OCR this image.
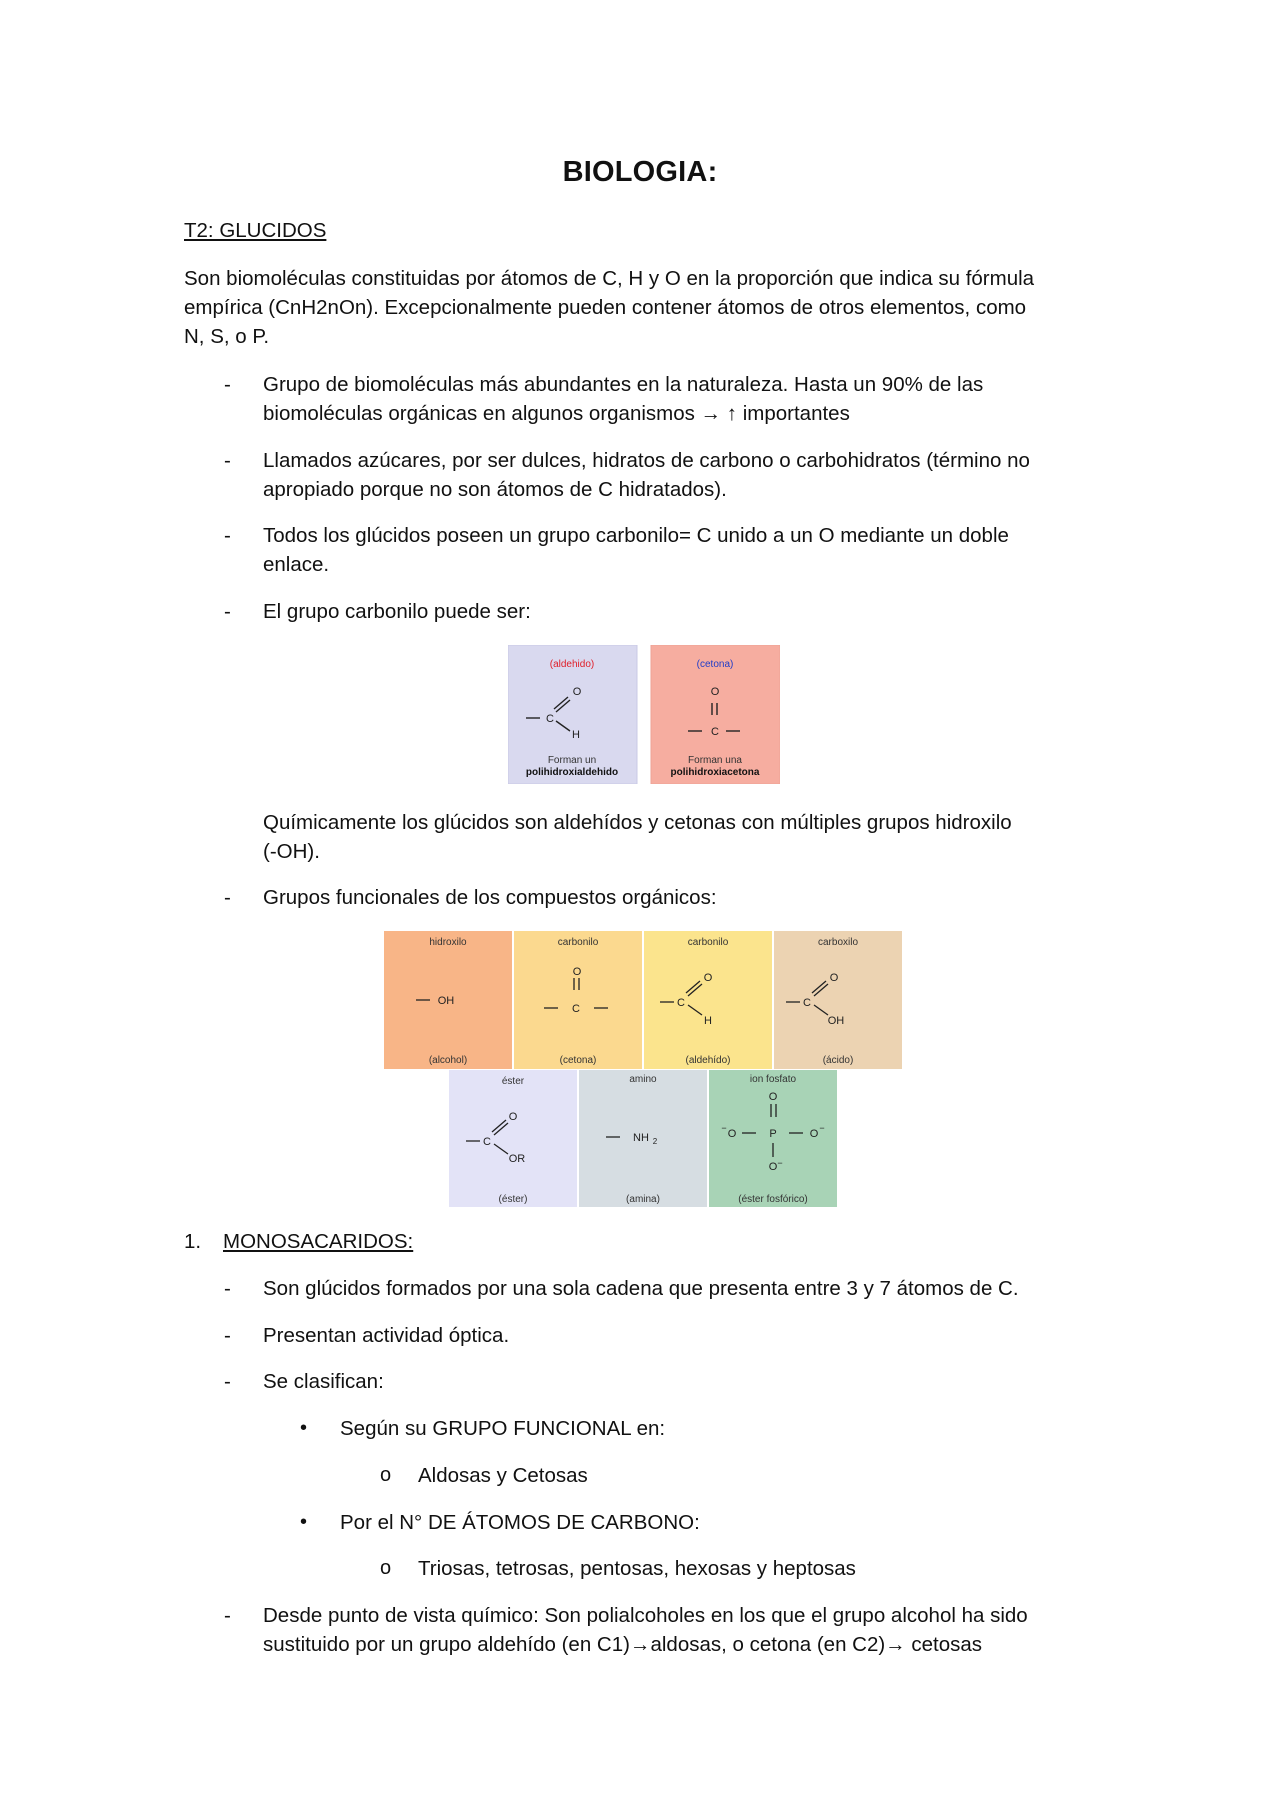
BIOLOGIA:
T2: GLUCIDOS
Son biomoléculas constituidas por átomos de C, H y O en la proporción que indica su fórmula
empírica (CnH2nOn). Excepcionalmente pueden contener átomos de otros elementos, como
N, S, o P.
- Grupo de biomoléculas más abundantes en la naturaleza. Hasta un 90% de las
biomoléculas orgánicas en algunos organismos → ↑ importantes
- Llamados azúcares, por ser dulces, hidratos de carbono o carbohidratos (término no
apropiado porque no son átomos de C hidratados).
- Todos los glúcidos poseen un grupo carbonilo= C unido a un O mediante un doble
enlace.
- El grupo carbonilo puede ser:
(aldehido)
C
O
H
Forman un
polihidroxialdehido
(cetona)
O
C
Forman una
polihidroxiacetona
Químicamente los glúcidos son aldehídos y cetonas con múltiples grupos hidroxilo
(-OH).
- Grupos funcionales de los compuestos orgánicos:
hidroxilo
(alcohol)
carbonilo
(cetona)
carbonilo
(aldehído)
carboxilo
(ácido)
éster
(éster)
amino
(amina)
ion fosfato
(éster fosfórico)
OH
O
C	C
O
H
C
O
OH
C
O
OR
NH 2
O
P
O	O
O
−	−
−
1. MONOSACARIDOS:
- Son glúcidos formados por una sola cadena que presenta entre 3 y 7 átomos de C.
- Presentan actividad óptica.
- Se clasifican:
• Según su GRUPO FUNCIONAL en:
o Aldosas y Cetosas
• Por el N° DE ÁTOMOS DE CARBONO:
o Triosas, tetrosas, pentosas, hexosas y heptosas
- Desde punto de vista químico: Son polialcoholes en los que el grupo alcohol ha sido
sustituido por un grupo aldehído (en C1)→aldosas, o cetona (en C2)→ cetosas
